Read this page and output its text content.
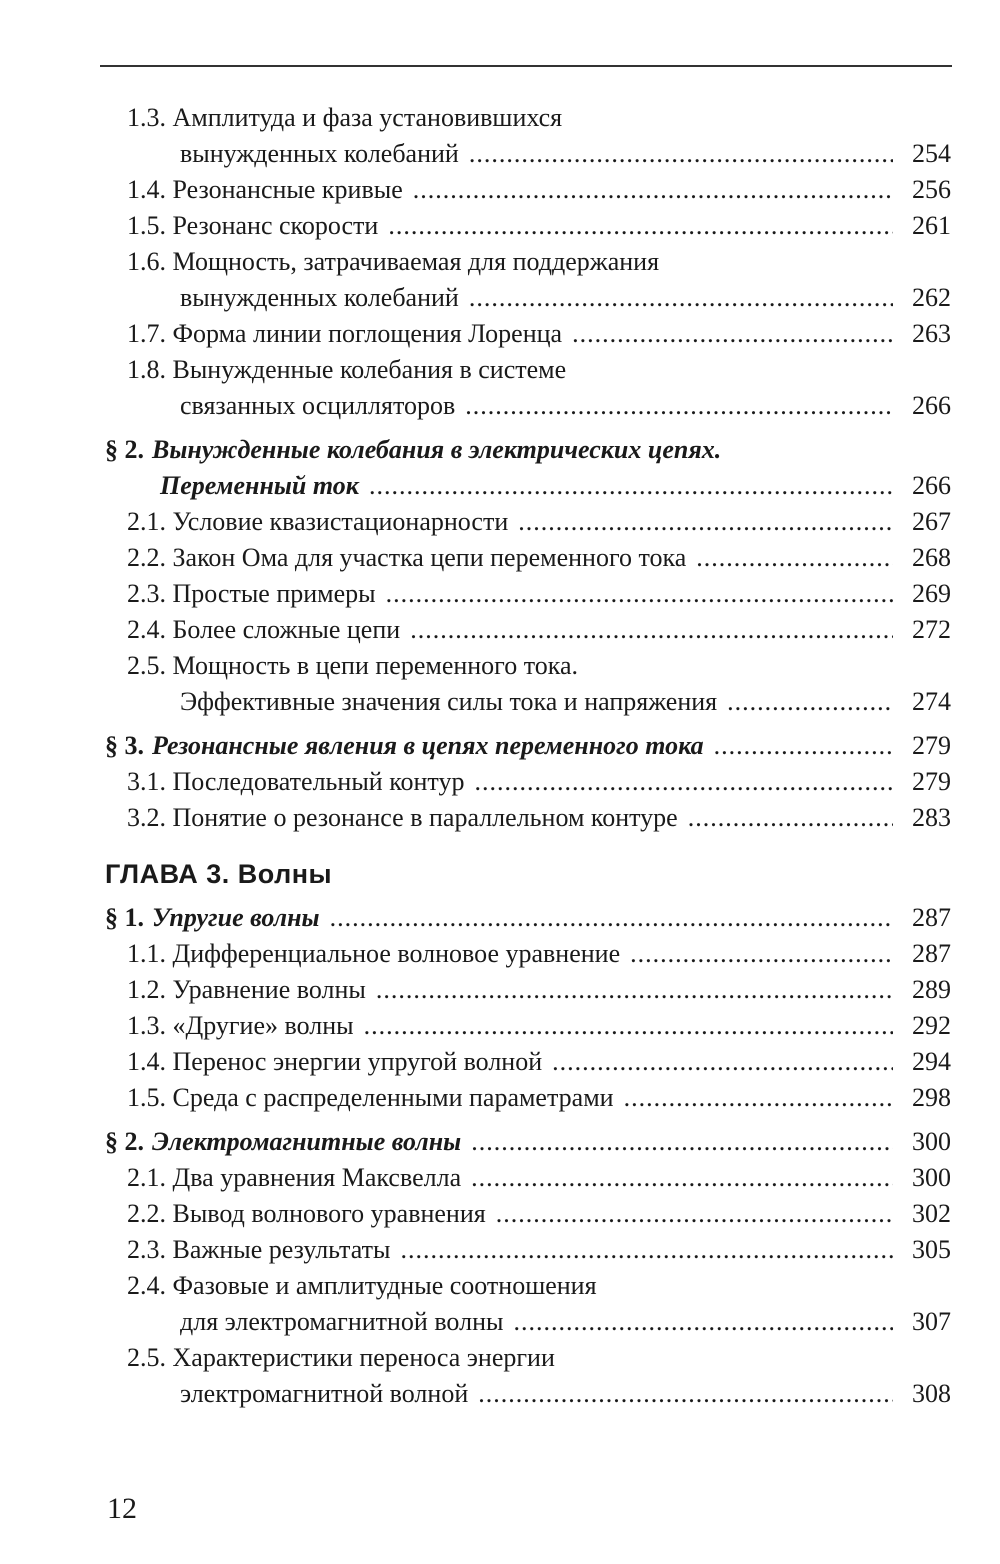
1.3. Амплитуда и фаза установившихся
вынужденных колебаний .....	254
1.4. Резонансные кривые .....	256
1.5. Резонанс скорости .....	261
1.6. Мощность, затрачиваемая для поддержания
вынужденных колебаний .....	262
1.7. Форма линии поглощения Лоренца .....	263
1.8. Вынужденные колебания в системе
связанных осцилляторов .....	266
§ 2. Вынужденные колебания в электрических цепях.
Переменный ток .....	266
2.1. Условие квазистационарности .....	267
2.2. Закон Ома для участка цепи переменного тока .....	268
2.3. Простые примеры .....	269
2.4. Более сложные цепи .....	272
2.5. Мощность в цепи переменного тока.
Эффективные значения силы тока и напряжения .....	274
§ 3. Резонансные явления в цепях переменного тока .....	279
3.1. Последовательный контур .....	279
3.2. Понятие о резонансе в параллельном контуре .....	283
ГЛАВА 3. Волны
§ 1. Упругие волны .....	287
1.1. Дифференциальное волновое уравнение .....	287
1.2. Уравнение волны .....	289
1.3. «Другие» волны .....	292
1.4. Перенос энергии упругой волной .....	294
1.5. Среда с распределенными параметрами .....	298
§ 2. Электромагнитные волны .....	300
2.1. Два уравнения Максвелла .....	300
2.2. Вывод волнового уравнения .....	302
2.3. Важные результаты .....	305
2.4. Фазовые и амплитудные соотношения
для электромагнитной волны .....	307
2.5. Характеристики переноса энергии
электромагнитной волной .....	308
12
